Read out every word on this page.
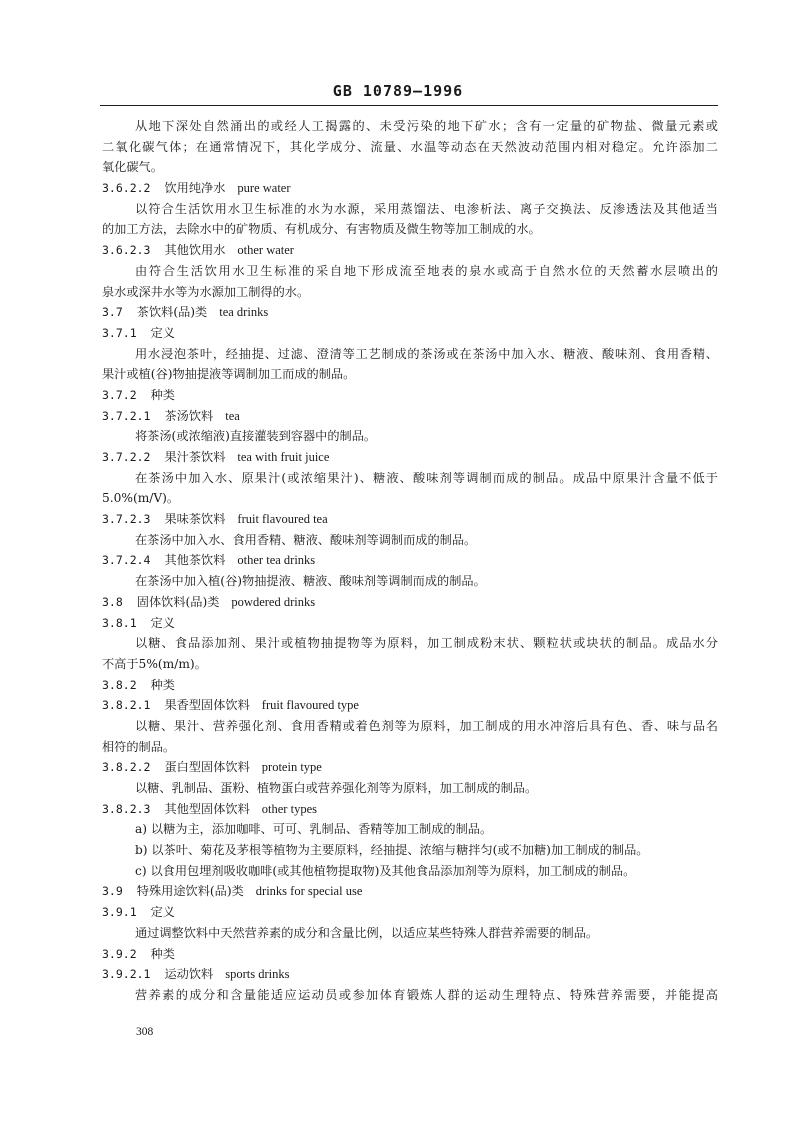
GB 10789—1996
从地下深处自然涌出的或经人工揭露的、未受污染的地下矿水；含有一定量的矿物盐、微量元素或
二氧化碳气体；在通常情况下，其化学成分、流量、水温等动态在天然波动范围内相对稳定。允许添加二
氧化碳气。
3.6.2.2 饮用纯净水 pure water
以符合生活饮用水卫生标准的水为水源，采用蒸馏法、电渗析法、离子交换法、反渗透法及其他适当
的加工方法，去除水中的矿物质、有机成分、有害物质及微生物等加工制成的水。
3.6.2.3 其他饮用水 other water
由符合生活饮用水卫生标准的采自地下形成流至地表的泉水或高于自然水位的天然蓄水层喷出的
泉水或深井水等为水源加工制得的水。
3.7 茶饮料(品)类 tea drinks
3.7.1 定义
用水浸泡茶叶，经抽提、过滤、澄清等工艺制成的茶汤或在茶汤中加入水、糖液、酸味剂、食用香精、
果汁或植(谷)物抽提液等调制加工而成的制品。
3.7.2 种类
3.7.2.1 茶汤饮料 tea
将茶汤(或浓缩液)直接灌装到容器中的制品。
3.7.2.2 果汁茶饮料 tea with fruit juice
在茶汤中加入水、原果汁(或浓缩果汁)、糖液、酸味剂等调制而成的制品。成品中原果汁含量不低于
5.0%(m/V)。
3.7.2.3 果味茶饮料 fruit flavoured tea
在茶汤中加入水、食用香精、糖液、酸味剂等调制而成的制品。
3.7.2.4 其他茶饮料 other tea drinks
在茶汤中加入植(谷)物抽提液、糖液、酸味剂等调制而成的制品。
3.8 固体饮料(品)类 powdered drinks
3.8.1 定义
以糖、食品添加剂、果汁或植物抽提物等为原料，加工制成粉末状、颗粒状或块状的制品。成品水分
不高于5%(m/m)。
3.8.2 种类
3.8.2.1 果香型固体饮料 fruit flavoured type
以糖、果汁、营养强化剂、食用香精或着色剂等为原料，加工制成的用水冲溶后具有色、香、味与品名
相符的制品。
3.8.2.2 蛋白型固体饮料 protein type
以糖、乳制品、蛋粉、植物蛋白或营养强化剂等为原料，加工制成的制品。
3.8.2.3 其他型固体饮料 other types
a) 以糖为主，添加咖啡、可可、乳制品、香精等加工制成的制品。
b) 以茶叶、菊花及茅根等植物为主要原料，经抽提、浓缩与糖拌匀(或不加糖)加工制成的制品。
c) 以食用包埋剂吸收咖啡(或其他植物提取物)及其他食品添加剂等为原料，加工制成的制品。
3.9 特殊用途饮料(品)类 drinks for special use
3.9.1 定义
通过调整饮料中天然营养素的成分和含量比例，以适应某些特殊人群营养需要的制品。
3.9.2 种类
3.9.2.1 运动饮料 sports drinks
营养素的成分和含量能适应运动员或参加体育锻炼人群的运动生理特点、特殊营养需要，并能提高
308
